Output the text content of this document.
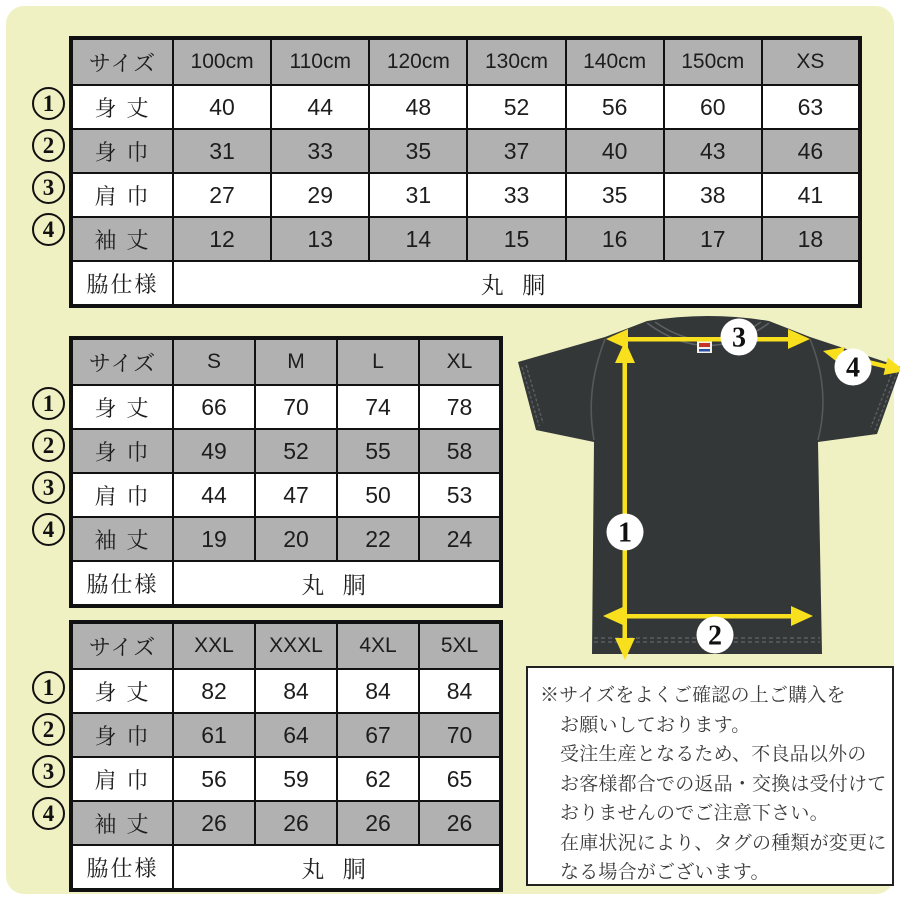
1
2
3
4
1
2
3
4
1
2
3
4
サイズ	100cm	110cm	120cm	130cm	140cm	150cm	XS
身 丈	40	44	48	52	56	60	63
身 巾	31	33	35	37	40	43	46
肩 巾	27	29	31	33	35	38	41
袖 丈	12	13	14	15	16	17	18
脇仕様	丸 胴						
サイズ	S	M	L	XL
身 丈	66	70	74	78
身 巾	49	52	55	58
肩 巾	44	47	50	53
袖 丈	19	20	22	24
脇仕様	丸 胴			
サイズ	XXL	XXXL	4XL	5XL
身 丈	82	84	84	84
身 巾	61	64	67	70
肩 巾	56	59	62	65
袖 丈	26	26	26	26
脇仕様	丸 胴			
1
2
3
4
※サイズをよくご確認の上ご購入を
お願いしております。
受注生産となるため、不良品以外の
お客様都合での返品・交換は受付けて
おりませんのでご注意下さい。
在庫状況により、タグの種類が変更に
なる場合がございます。
